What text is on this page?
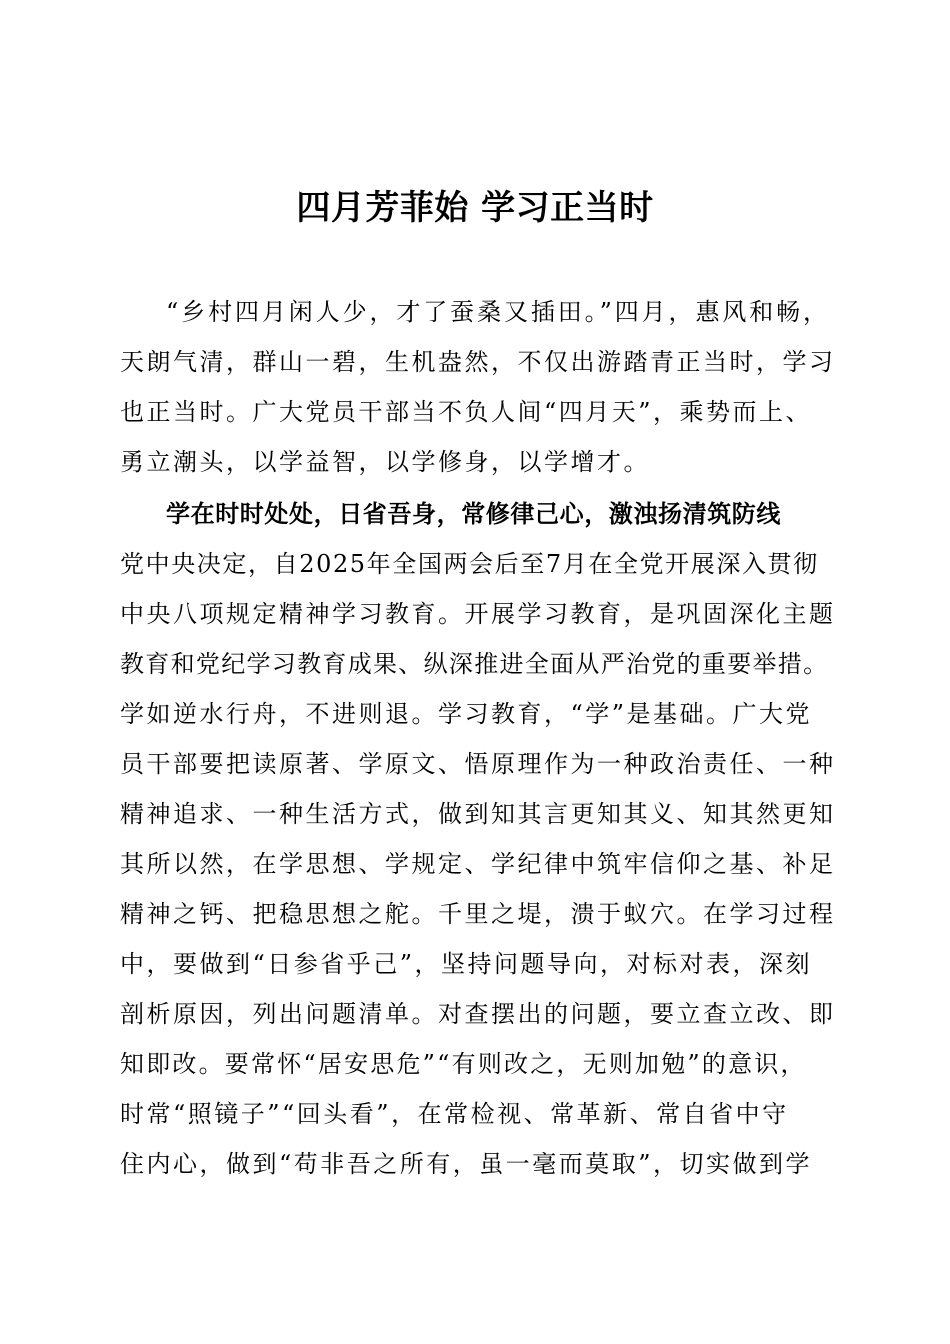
四月芳菲始 学习正当时
“乡村四月闲人少，才了蚕桑又插田。”四月，惠风和畅，
天朗气清，群山一碧，生机盎然，不仅出游踏青正当时，学习
也正当时。广大党员干部当不负人间“四月天”，乘势而上、
勇立潮头，以学益智，以学修身，以学增才。
学在时时处处，日省吾身，常修律己心，激浊扬清筑防线
党中央决定，自2025年全国两会后至7月在全党开展深入贯彻
中央八项规定精神学习教育。开展学习教育，是巩固深化主题
教育和党纪学习教育成果、纵深推进全面从严治党的重要举措。
学如逆水行舟，不进则退。学习教育，“学”是基础。广大党
员干部要把读原著、学原文、悟原理作为一种政治责任、一种
精神追求、一种生活方式，做到知其言更知其义、知其然更知
其所以然，在学思想、学规定、学纪律中筑牢信仰之基、补足
精神之钙、把稳思想之舵。千里之堤，溃于蚁穴。在学习过程
中，要做到“日参省乎己”，坚持问题导向，对标对表，深刻
剖析原因，列出问题清单。对查摆出的问题，要立查立改、即
知即改。要常怀“居安思危”“有则改之，无则加勉”的意识，
时常“照镜子”“回头看”，在常检视、常革新、常自省中守
住内心，做到“苟非吾之所有，虽一毫而莫取”，切实做到学
